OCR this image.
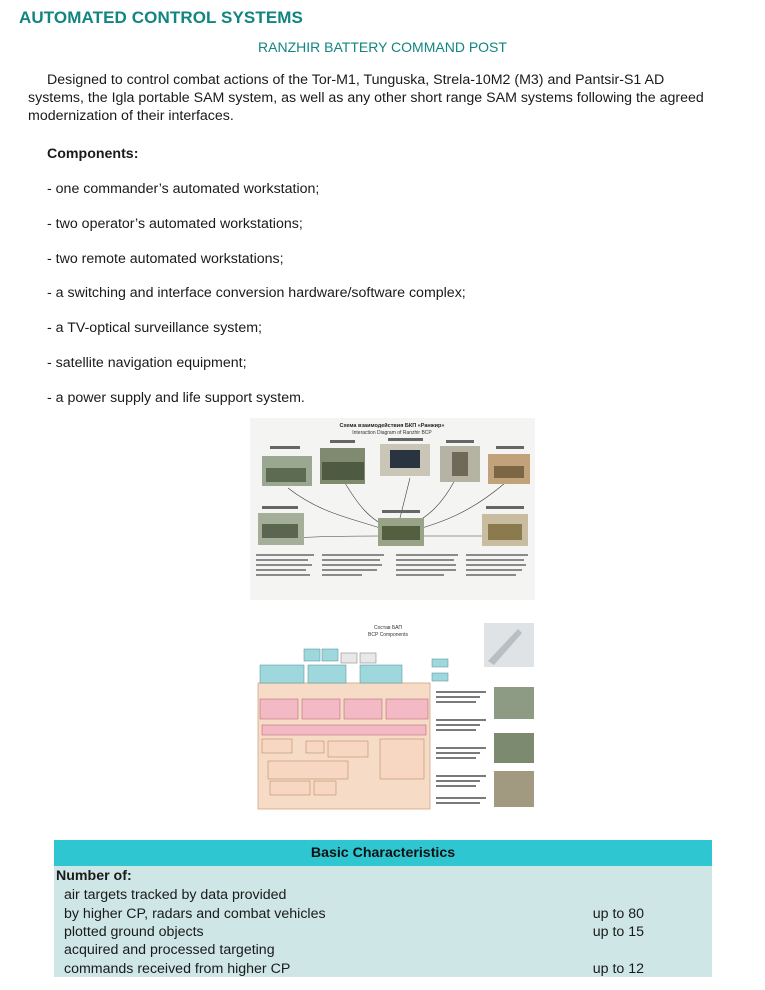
AUTOMATED CONTROL SYSTEMS
RANZHIR BATTERY COMMAND POST

Designed to control combat actions of the Tor-M1, Tunguska, Strela-10M2 (M3) and Pantsir-S1 AD systems, the Igla portable SAM system, as well as any other short range SAM systems following the agreed modernization of their interfaces.

Components:

- one commander’s automated workstation;
- two operator’s automated workstations;
- two remote automated workstations;
- a switching and interface conversion hardware/software complex;
- a TV-optical surveillance system;
- satellite navigation equipment;
- a power supply and life support system.
Схема взаимодействия БКП «Ранжир»
Interaction Diagram of Ranzhir BCP
Состав БАП
BCP Components
Basic Characteristics
Number of:
air targets tracked by data provided
by higher CP, radars and combat vehicles	up to 80
plotted ground objects	up to 15
acquired and processed targeting
commands received from higher CP	up to 12
